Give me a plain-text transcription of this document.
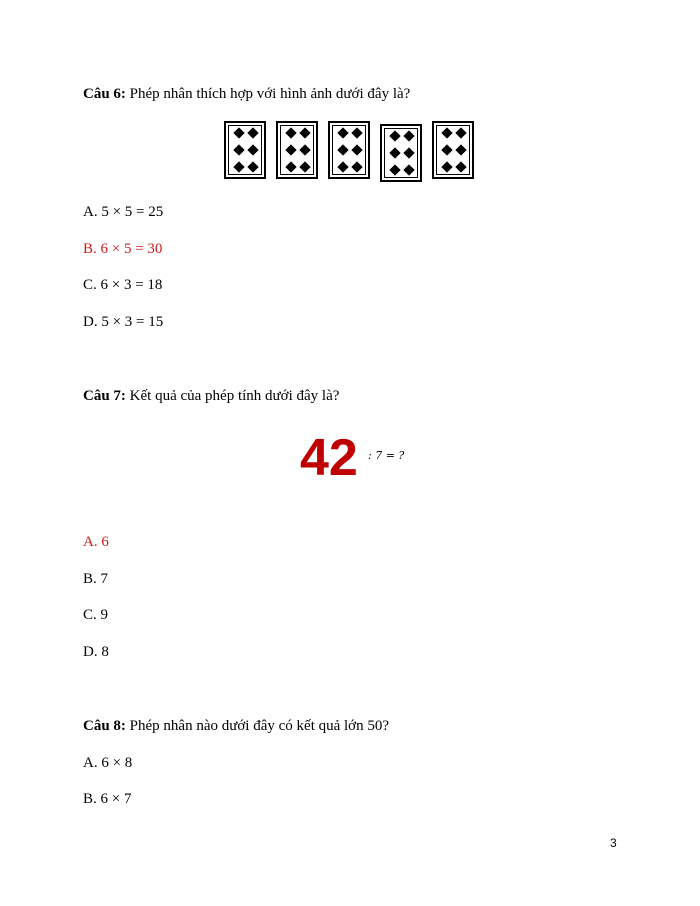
Câu 6: Phép nhân thích hợp với hình ảnh dưới đây là?
A. 5 × 5 = 25
B. 6 × 5 = 30
C. 6 × 3 = 18
D. 5 × 3 = 15
Câu 7: Kết quả của phép tính dưới đây là?
42 : 7 = ?
A. 6
B. 7
C. 9
D. 8
Câu 8: Phép nhân nào dưới đây có kết quả lớn 50?
A. 6 × 8
B. 6 × 7
3
